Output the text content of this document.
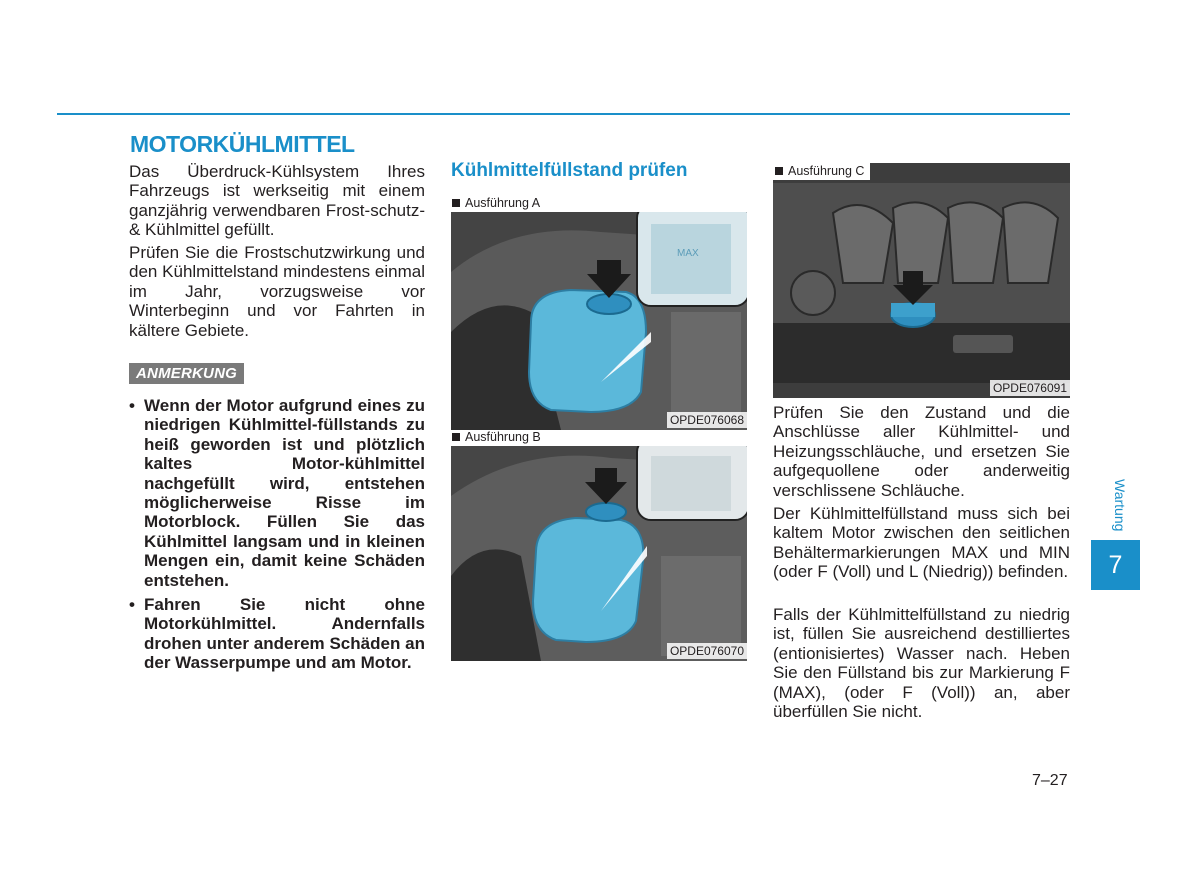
MOTORKÜHLMITTEL

Das Überdruck-Kühlsystem Ihres Fahrzeugs ist werkseitig mit einem ganzjährig verwendbaren Frost-schutz- & Kühlmittel gefüllt.

Prüfen Sie die Frostschutzwirkung und den Kühlmittelstand mindestens einmal im Jahr, vorzugsweise vor Winterbeginn und vor Fahrten in kältere Gebiete.

ANMERKUNG
• Wenn der Motor aufgrund eines zu niedrigen Kühlmittel-füllstands zu heiß geworden ist und plötzlich kaltes Motor-kühlmittel nachgefüllt wird, entstehen möglicherweise Risse im Motorblock. Füllen Sie das Kühlmittel langsam und in kleinen Mengen ein, damit keine Schäden entstehen.
• Fahren Sie nicht ohne Motorkühlmittel. Andernfalls drohen unter anderem Schäden an der Wasserpumpe und am Motor.
Kühlmittelfüllstand prüfen
Ausführung A
MAX
OPDE076068
Ausführung B
OPDE076070
Ausführung C
OPDE076091

Prüfen Sie den Zustand und die Anschlüsse aller Kühlmittel- und Heizungsschläuche, und ersetzen Sie aufgequollene oder anderweitig verschlissene Schläuche.

Der Kühlmittelfüllstand muss sich bei kaltem Motor zwischen den seitlichen Behältermarkierungen MAX und MIN (oder F (Voll) und L (Niedrig)) befinden.

Falls der Kühlmittelfüllstand zu niedrig ist, füllen Sie ausreichend destilliertes (entionisiertes) Wasser nach. Heben Sie den Füllstand bis zur Markierung F (MAX), (oder F (Voll)) an, aber überfüllen Sie nicht.

Wartung
7
7–27
